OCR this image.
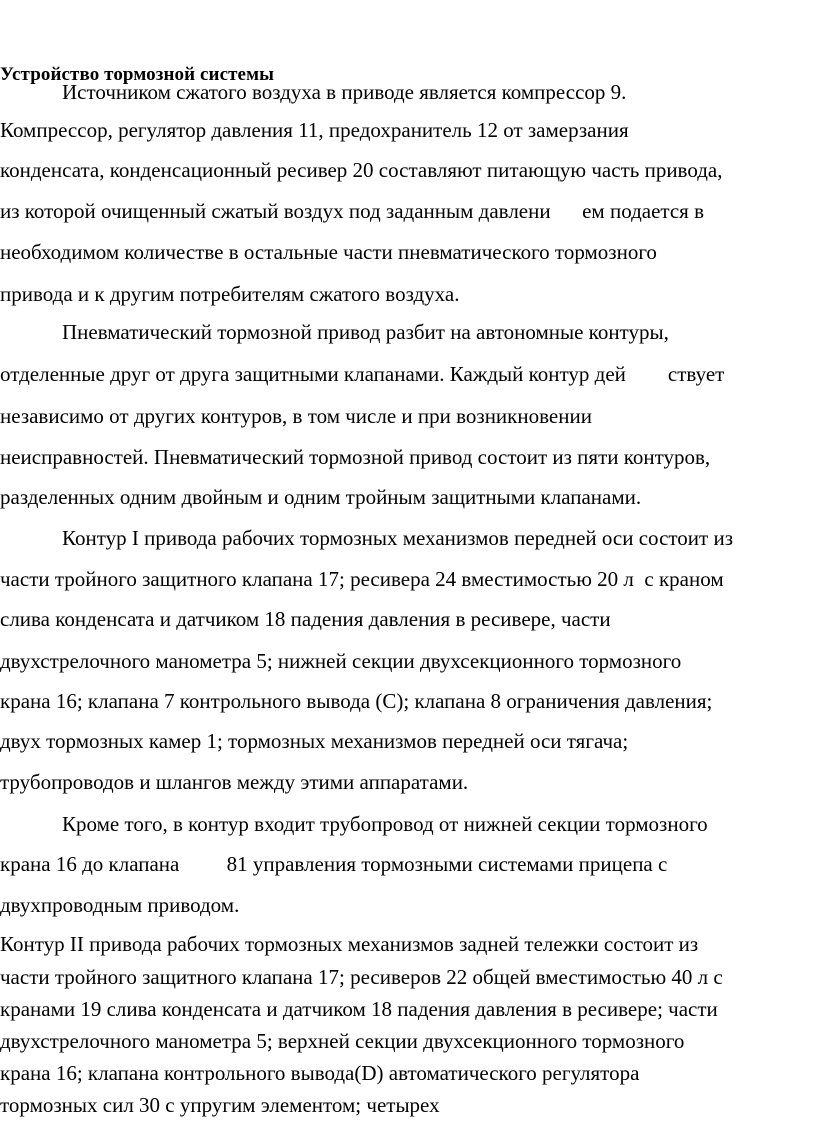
Устройство тормозной системы
Источником сжатого воздуха в приводе является компрессор 9.
Компрессор, регулятор давления 11, предохранитель 12 от замерзания
конденсата, конденсационный ресивер 20 составляют питающую часть привода,
из которой очищенный сжатый воздух под заданным давлени      ем подается в
необходимом количестве в остальные части пневматического тормозного
привода и к другим потребителям сжатого воздуха.
Пневматический тормозной привод разбит на автономные контуры,
отделенные друг от друга защитными клапанами. Каждый контур дей        ствует
независимо от других контуров, в том числе и при возникновении
неисправностей. Пневматический тормозной привод состоит из пяти контуров,
разделенных одним двойным и одним тройным защитными клапанами.
Контур I привода рабочих тормозных механизмов передней оси состоит из
части тройного защитного клапана 17; ресивера 24 вместимостью 20 л  с краном
слива конденсата и датчиком 18 падения давления в ресивере, части
двухстрелочного манометра 5; нижней секции двухсекционного тормозного
крана 16; клапана 7 контрольного вывода (С); клапана 8 ограничения давления;
двух тормозных камер 1; тормозных механизмов передней оси тягача;
трубопроводов и шлангов между этими аппаратами.
Кроме того, в контур входит трубопровод от нижней секции тормозного
крана 16 до клапана         81 управления тормозными системами прицепа с
двухпроводным приводом.
Контур II привода рабочих тормозных механизмов задней тележки состоит из
части тройного защитного клапана 17; ресиверов 22 общей вместимостью 40 л с
кранами 19 слива конденсата и датчиком 18 падения давления в ресивере; части
двухстрелочного манометра 5; верхней секции двухсекционного тормозного
крана 16; клапана контрольного вывода(D) автоматического регулятора
тормозных сил 30 с упругим элементом; четырех
